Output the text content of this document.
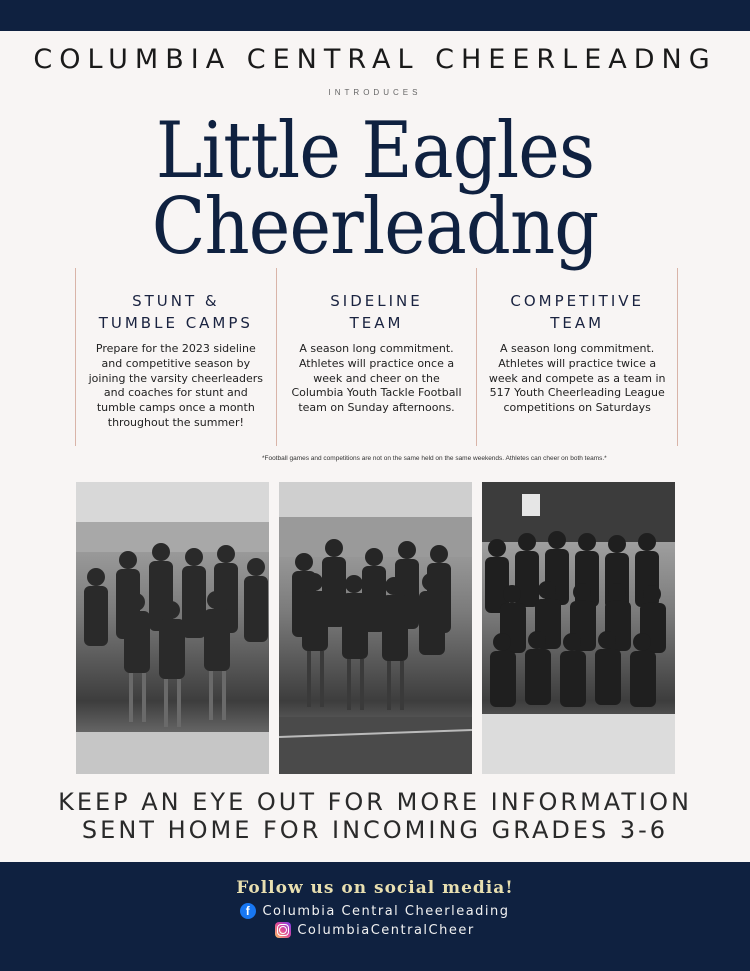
COLUMBIA CENTRAL CHEERLEADNG
INTRODUCES
Little Eagles
Cheerleadng
STUNT &
TUMBLE CAMPS
Prepare for the 2023 sideline and competitive season by joining the varsity cheerleaders and coaches for stunt and tumble camps once a month throughout the summer!
SIDELINE
TEAM
A season long commitment. Athletes will practice once a week and cheer on the Columbia Youth Tackle Football team on Sunday afternoons.
COMPETITIVE
TEAM
A season long commitment. Athletes will practice twice a week and compete as a team in 517 Youth Cheerleading League competitions on Saturdays
*Football games and competitions are not on the same held on the same weekends. Athletes can cheer on both teams.*
KEEP AN EYE OUT FOR MORE INFORMATION
SENT HOME FOR INCOMING GRADES 3-6
Follow us on social media!
f Columbia Central Cheerleading
ColumbiaCentralCheer
